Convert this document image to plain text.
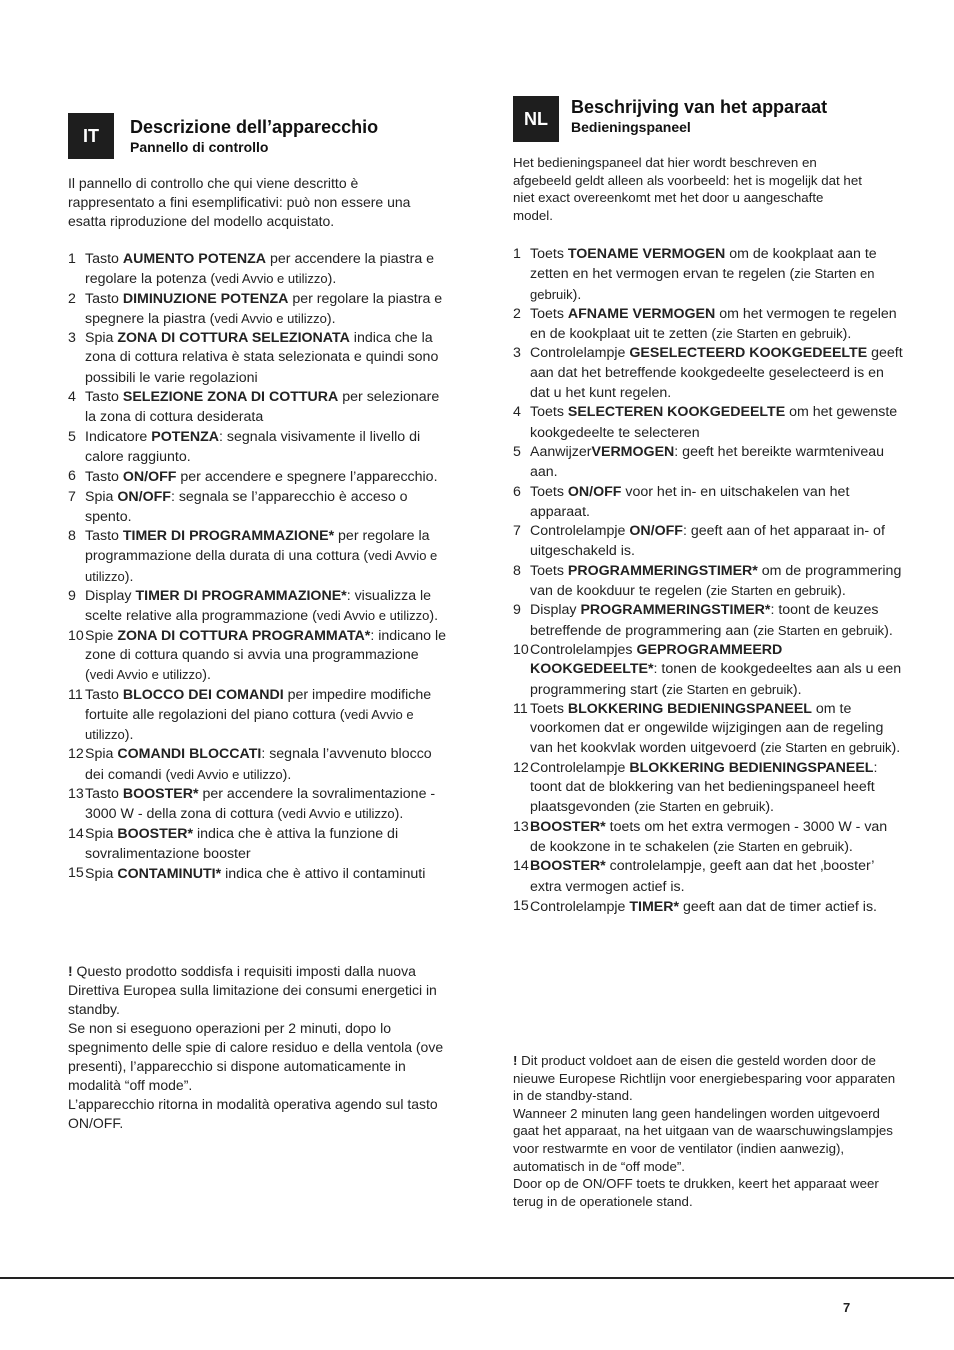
IT	Descrizione dell’apparecchio
Pannello di controllo
Il pannello di controllo che qui viene descritto è rappresentato a fini esemplificativi: può non essere una esatta riproduzione del modello acquistato.
1 Tasto AUMENTO POTENZA per accendere la piastra e regolare la potenza (vedi Avvio e utilizzo).
2 Tasto DIMINUZIONE POTENZA per regolare la piastra e spegnere la piastra (vedi Avvio e utilizzo).
3 Spia ZONA DI COTTURA SELEZIONATA indica che la zona di cottura relativa è stata selezionata e quindi sono possibili le varie regolazioni
4 Tasto SELEZIONE ZONA DI COTTURA per selezionare la zona di cottura desiderata
5 Indicatore POTENZA: segnala visivamente il livello di calore raggiunto.
6 Tasto ON/OFF per accendere e spegnere l’apparecchio.
7 Spia ON/OFF: segnala se l’apparecchio è acceso o spento.
8 Tasto TIMER DI PROGRAMMAZIONE* per regolare la programmazione della durata di una cottura (vedi Avvio e utilizzo).
9 Display TIMER DI PROGRAMMAZIONE*: visualizza le scelte relative alla programmazione (vedi Avvio e utilizzo).
10 Spie ZONA DI COTTURA PROGRAMMATA*: indicano le zone di cottura quando si avvia una programmazione (vedi Avvio e utilizzo).
11 Tasto BLOCCO DEI COMANDI per impedire modifiche fortuite alle regolazioni del piano cottura (vedi Avvio e utilizzo).
12 Spia COMANDI BLOCCATI: segnala l’avvenuto blocco dei comandi (vedi Avvio e utilizzo).
13 Tasto BOOSTER* per accendere la sovralimentazione - 3000 W - della zona di cottura (vedi Avvio e utilizzo).
14 Spia BOOSTER* indica che è attiva la funzione di sovralimentazione booster
15 Spia CONTAMINUTI* indica che è attivo il contaminuti

! Questo prodotto soddisfa i requisiti imposti dalla nuova Direttiva Europea sulla limitazione dei consumi energetici in standby.

Se non si eseguono operazioni per 2 minuti, dopo lo spegnimento delle spie di calore residuo e della ventola (ove presenti), l’apparecchio si dispone automaticamente in modalità “off mode”.

L’apparecchio ritorna in modalità operativa agendo sul tasto ON/OFF.

NL
Beschrijving van het apparaat
Bedieningspaneel
Het bedieningspaneel dat hier wordt beschreven en afgebeeld geldt alleen als voorbeeld: het is mogelijk dat het niet exact overeenkomt met het door u aangeschafte model.
1 Toets TOENAME VERMOGEN om de kookplaat aan te zetten en het vermogen ervan te regelen (zie Starten en gebruik).
2 Toets AFNAME VERMOGEN om het vermogen te regelen en de kookplaat uit te zetten (zie Starten en gebruik).
3 Controlelampje GESELECTEERD KOOKGEDEELTE geeft aan dat het betreffende kookgedeelte geselecteerd is en dat u het kunt regelen.
4 Toets SELECTEREN KOOKGEDEELTE om het gewenste kookgedeelte te selecteren
5 AanwijzerVERMOGEN: geeft het bereikte warmteniveau aan.
6 Toets ON/OFF voor het in- en uitschakelen van het apparaat.
7 Controlelampje ON/OFF: geeft aan of het apparaat in- of uitgeschakeld is.
8 Toets PROGRAMMERINGSTIMER* om de programmering van de kookduur te regelen (zie Starten en gebruik).
9 Display PROGRAMMERINGSTIMER*: toont de keuzes betreffende de programmering aan (zie Starten en gebruik).
10 Controlelampjes GEPROGRAMMEERD KOOKGEDEELTE*: tonen de kookgedeeltes aan als u een programmering start (zie Starten en gebruik).
11 Toets BLOKKERING BEDIENINGSPANEEL om te voorkomen dat er ongewilde wijzigingen aan de regeling van het kookvlak worden uitgevoerd (zie Starten en gebruik).
12 Controlelampje BLOKKERING BEDIENINGSPANEEL: toont dat de blokkering van het bedieningspaneel heeft plaatsgevonden (zie Starten en gebruik).
13 BOOSTER* toets om het extra vermogen - 3000 W - van de kookzone in te schakelen (zie Starten en gebruik).
14 BOOSTER* controlelampje, geeft aan dat het ‚booster’ extra vermogen actief is.
15 Controlelampje TIMER* geeft aan dat de timer actief is.

! Dit product voldoet aan de eisen die gesteld worden door de nieuwe Europese Richtlijn voor energiebesparing voor apparaten in de standby-stand.

Wanneer 2 minuten lang geen handelingen worden uitgevoerd gaat het apparaat, na het uitgaan van de waarschuwingslampjes voor restwarmte en voor de ventilator (indien aanwezig), automatisch in de “off mode”.

Door op de ON/OFF toets te drukken, keert het apparaat weer terug in de operationele stand.

7
